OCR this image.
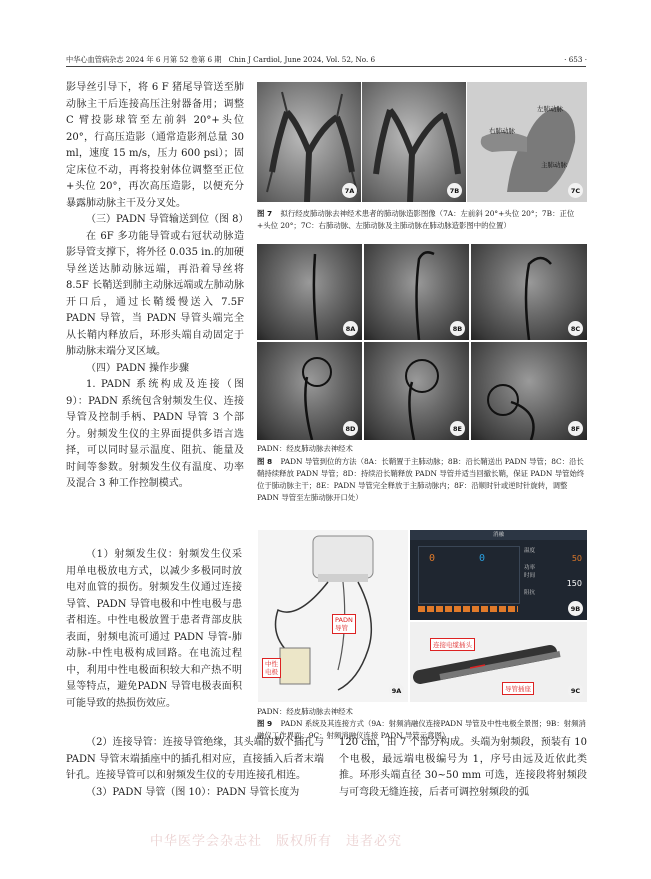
中华心血管病杂志 2024 年 6 月第 52 卷第 6 期　Chin J Cardiol, June 2024, Vol. 52, No. 6	· 653 ·

影导丝引导下，将 6 F 猪尾导管送至肺动脉主干后连接高压注射器备用；调整 C 臂投影球管至左前斜 20°+头位 20°，行高压造影（通常造影剂总量 30 ml，速度 15 m/s，压力 600 psi）；固定床位不动，再将投射体位调整至正位+头位 20°，再次高压造影，以便充分暴露肺动脉主干及分叉处。

（三）PADN 导管输送到位（图 8）

在 6F 多功能导管或右冠状动脉造影导管支撑下，将外径 0.035 in.的加硬导丝送达肺动脉远端，再沿着导丝将 8.5F 长鞘送到肺主动脉远端或左肺动脉开口后，通过长鞘缓慢送入 7.5F PADN 导管，当 PADN 导管头端完全从长鞘内释放后，环形头端自动固定于肺动脉末端分叉区域。

（四）PADN 操作步骤

1. PADN 系统构成及连接（图 9）：PADN 系统包含射频发生仪、连接导管及控制手柄、PADN 导管 3 个部分。射频发生仪的主界面提供多语言选择，可以同时显示温度、阻抗、能量及时间等参数。射频发生仪有温度、功率及混合 3 种工作控制模式。

（1）射频发生仪：射频发生仪采用单电极放电方式，以减少多极同时放电对血管的损伤。射频发生仪通过连接导管、PADN 导管电极和中性电极与患者相连。中性电极放置于患者背部皮肤表面，射频电流可通过 PADN 导管-肺动脉-中性电极构成回路。在电流过程中，利用中性电极面积较大和产热不明显等特点，避免PADN 导管电极表面积可能导致的热损伤效应。

（2）连接导管：连接导管绝缘，其头端的数个插孔与 PADN 导管末端插座中的插孔相对应，直接插入后者末端针孔。连接导管可以和射频发生仪的专用连接孔相连。

（3）PADN 导管（图 10）：PADN 导管长度为

120 cm，由 7 个部分构成。头端为射频段，预装有 10 个电极，最远端电极编号为 1，序号由远及近依此类推。环形头端直径 30~50 mm 可选，连接段将射频段与可弯段无缝连接，后者可调控射频段的弧

7A	7B
左肺动脉
右肺动脉
主肺动脉
7C
图 7 拟行经皮肺动脉去神经术患者的肺动脉造影图像（7A：左前斜 20°+头位 20°；7B：正位+头位 20°；7C：右肺动脉、左肺动脉及主肺动脉在肺动脉造影图中的位置）
8A	8B	8C
8D	8E	8F
PADN：经皮肺动脉去神经术
图 8 PADN 导管到位的方法（8A：长鞘置于主肺动脉；8B：沿长鞘送出 PADN 导管；8C：沿长鞘持续释放 PADN 导管；8D：持续沿长鞘释放 PADN 导管并适当回撤长鞘，保证 PADN 导管始终位于肺动脉主干；8E：PADN 导管完全释放于主肺动脉内；8F：沿顺时针或逆时针旋转，调整 PADN 导管至左肺动脉开口处）
PADN
导管
中性
电极
9A
消融
0	0
温度
50
功率
时间
150
阻抗
9B
连接电缆插头
导管插座	9C
PADN：经皮肺动脉去神经术
图 9 PADN 系统及其连接方式（9A：射频消融仪连接PADN 导管及中性电极全景图；9B：射频消融仪工作界面；9C：射频消融仪连接 PADN 导管示意图）
中华医学会杂志社　版权所有　违者必究
